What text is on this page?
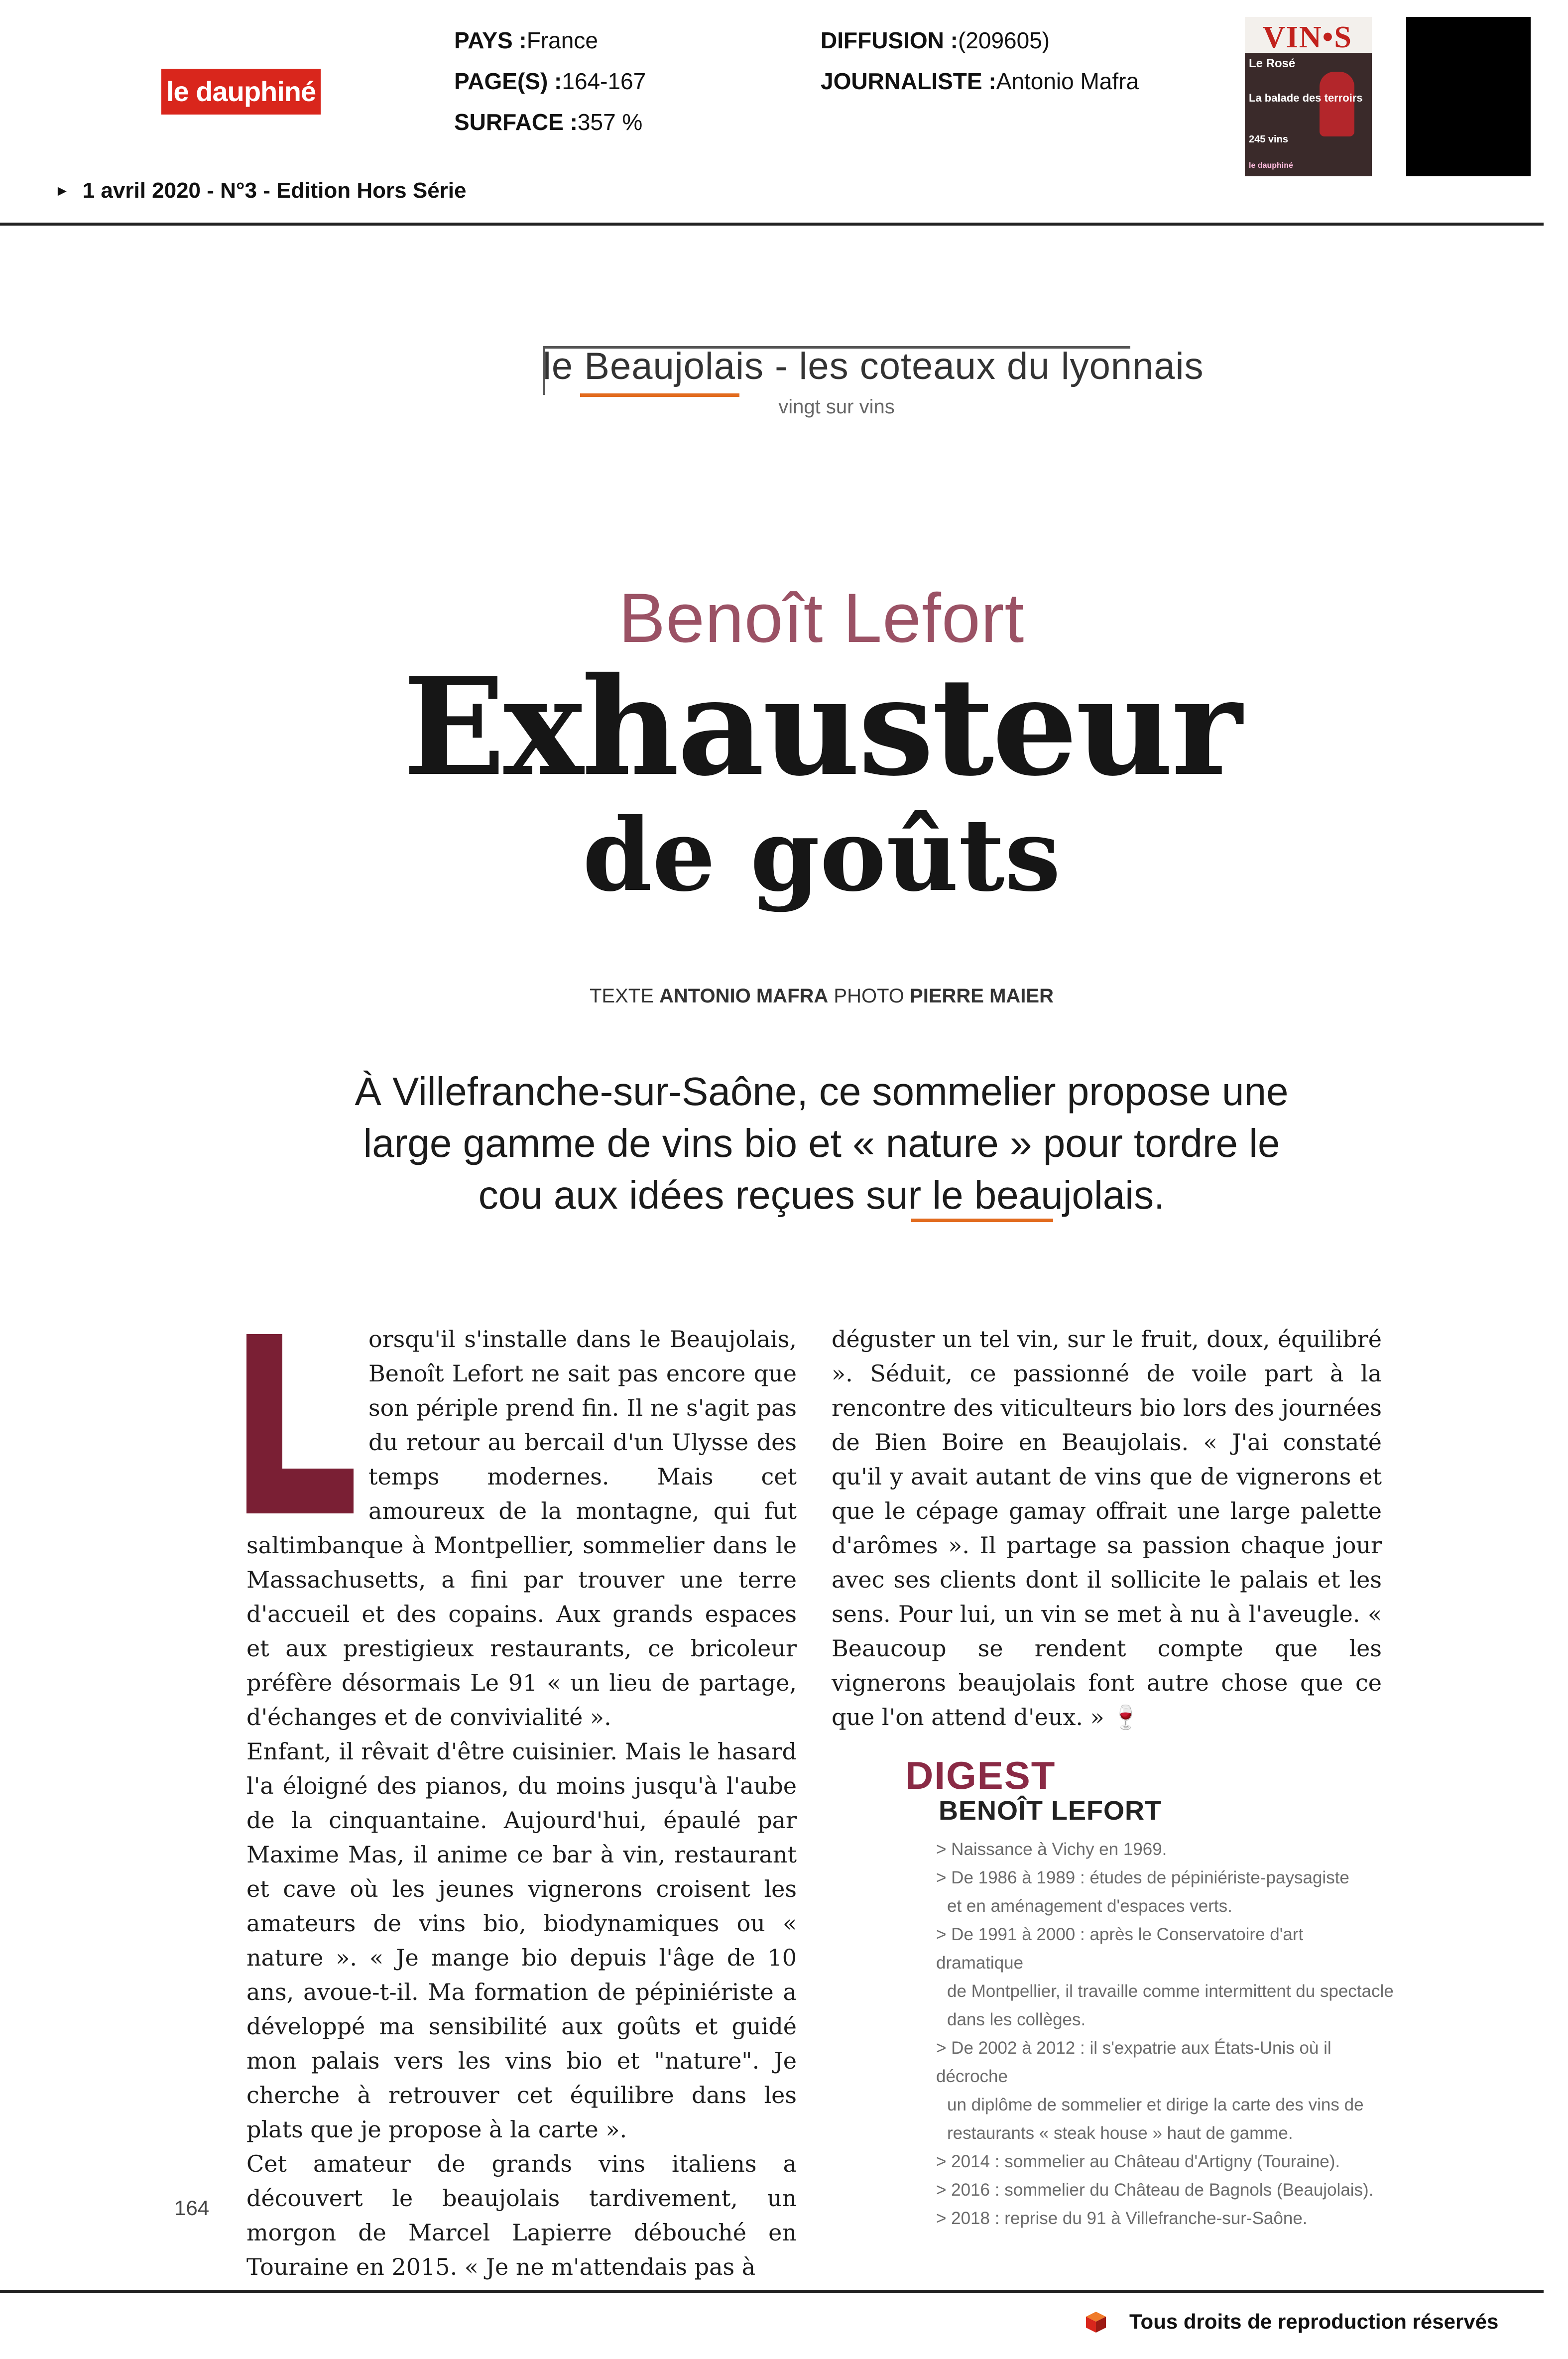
le dauphiné
PAYS :France
PAGE(S) :164-167
SURFACE :357 %
DIFFUSION :(209605)
JOURNALISTE :Antonio Mafra
VIN•S
Le Rosé
La balade des terroirs
245 vins
le dauphiné
► 1 avril 2020 - N°3 - Edition Hors Série
le Beaujolais - les coteaux du lyonnais
vingt sur vins
Benoît Lefort
Exhausteur
de goûts
TEXTE ANTONIO MAFRA PHOTO PIERRE MAIER
À Villefranche-sur-Saône, ce sommelier propose une large gamme de vins bio et « nature » pour tordre le cou aux idées reçues sur le beaujolais.

orsqu'il s'installe dans le Beaujolais, Benoît Lefort ne sait pas encore que son périple prend fin. Il ne s'agit pas du retour au bercail d'un Ulysse des temps modernes. Mais cet amoureux de la montagne, qui fut saltimbanque à Montpellier, sommelier dans le Massachusetts, a fini par trouver une terre d'accueil et des copains. Aux grands espaces et aux prestigieux restaurants, ce bricoleur préfère désormais Le 91 « un lieu de partage, d'échanges et de convivialité ».

Enfant, il rêvait d'être cuisinier. Mais le hasard l'a éloigné des pianos, du moins jusqu'à l'aube de la cinquantaine. Aujourd'hui, épaulé par Maxime Mas, il anime ce bar à vin, restaurant et cave où les jeunes vignerons croisent les amateurs de vins bio, biodynamiques ou « nature ». « Je mange bio depuis l'âge de 10 ans, avoue-t-il. Ma formation de pépiniériste a développé ma sensibilité aux goûts et guidé mon palais vers les vins bio et "nature". Je cherche à retrouver cet équilibre dans les plats que je propose à la carte ».

Cet amateur de grands vins italiens a découvert le beaujolais tardivement, un morgon de Marcel Lapierre débouché en Touraine en 2015. « Je ne m'attendais pas à

déguster un tel vin, sur le fruit, doux, équilibré ». Séduit, ce passionné de voile part à la rencontre des viticulteurs bio lors des journées de Bien Boire en Beaujolais. « J'ai constaté qu'il y avait autant de vins que de vignerons et que le cépage gamay offrait une large palette d'arômes ». Il partage sa passion chaque jour avec ses clients dont il sollicite le palais et les sens. Pour lui, un vin se met à nu à l'aveugle. « Beaucoup se rendent compte que les vignerons beaujolais font autre chose que ce que l'on attend d'eux. » 🍷

DIGEST
BENOÎT LEFORT
> Naissance à Vichy en 1969.
> De 1986 à 1989 : études de pépiniériste-paysagiste
et en aménagement d'espaces verts.
> De 1991 à 2000 : après le Conservatoire d'art dramatique
de Montpellier, il travaille comme intermittent du spectacle
dans les collèges.
> De 2002 à 2012 : il s'expatrie aux États-Unis où il décroche
un diplôme de sommelier et dirige la carte des vins de
restaurants « steak house » haut de gamme.
> 2014 : sommelier au Château d'Artigny (Touraine).
> 2016 : sommelier du Château de Bagnols (Beaujolais).
> 2018 : reprise du 91 à Villefranche-sur-Saône.
164
Tous droits de reproduction réservés
